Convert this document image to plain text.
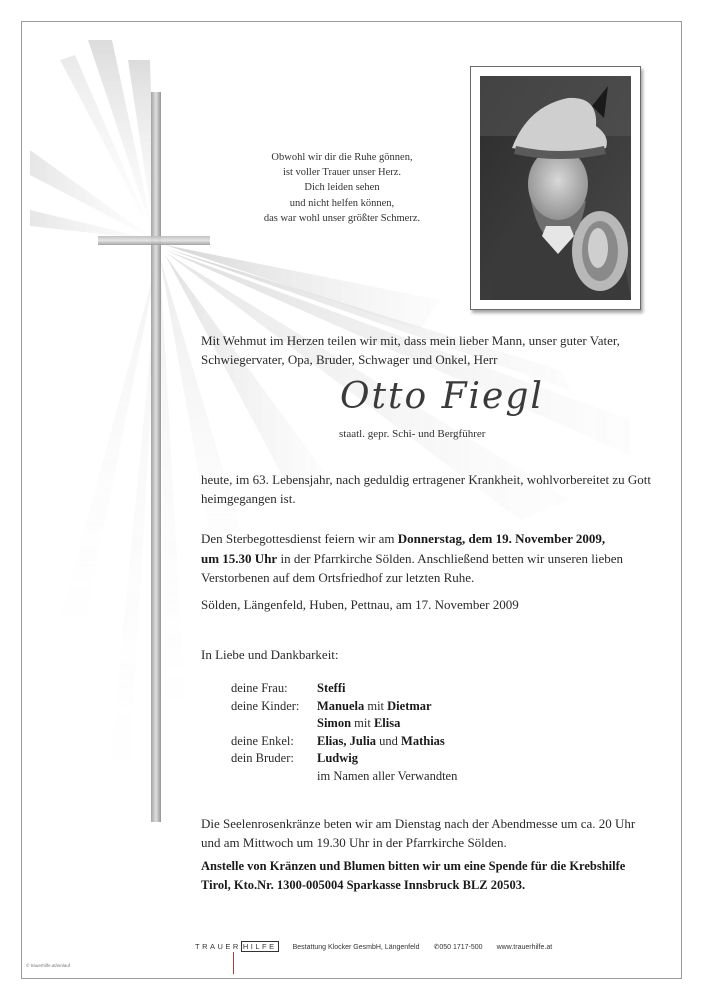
Obwohl wir dir die Ruhe gönnen,
ist voller Trauer unser Herz.
Dich leiden sehen
und nicht helfen können,
das war wohl unser größter Schmerz.
Mit Wehmut im Herzen teilen wir mit, dass mein lieber Mann, unser guter Vater, Schwiegervater, Opa, Bruder, Schwager und Onkel, Herr
Otto Fiegl
staatl. gepr. Schi- und Bergführer
heute, im 63. Lebensjahr, nach geduldig ertragener Krankheit, wohlvorbereitet zu Gott heimgegangen ist.
Den Sterbegottesdienst feiern wir am Donnerstag, dem 19. November 2009,
um 15.30 Uhr in der Pfarrkirche Sölden. Anschließend betten wir unseren lieben Verstorbenen auf dem Ortsfriedhof zur letzten Ruhe.
Sölden, Längenfeld, Huben, Pettnau, am 17. November 2009
In Liebe und Dankbarkeit:
deine Frau:	Steffi
deine Kinder:	Manuela mit Dietmar
Simon mit Elisa
deine Enkel:	Elias, Julia und Mathias
dein Bruder:	Ludwig
im Namen aller Verwandten
Die Seelenrosenkränze beten wir am Dienstag nach der Abendmesse um ca. 20 Uhr und am Mittwoch um 19.30 Uhr in der Pfarrkirche Sölden.
Anstelle von Kränzen und Blumen bitten wir um eine Spende für die Krebshilfe Tirol, Kto.Nr. 1300-005004 Sparkasse Innsbruck BLZ 20503.
TRAUER HILFE Bestattung Klocker GesmbH, Längenfeld ✆050 1717-500 www.trauerhilfe.at
© trauerhilfe.at/einlauf
